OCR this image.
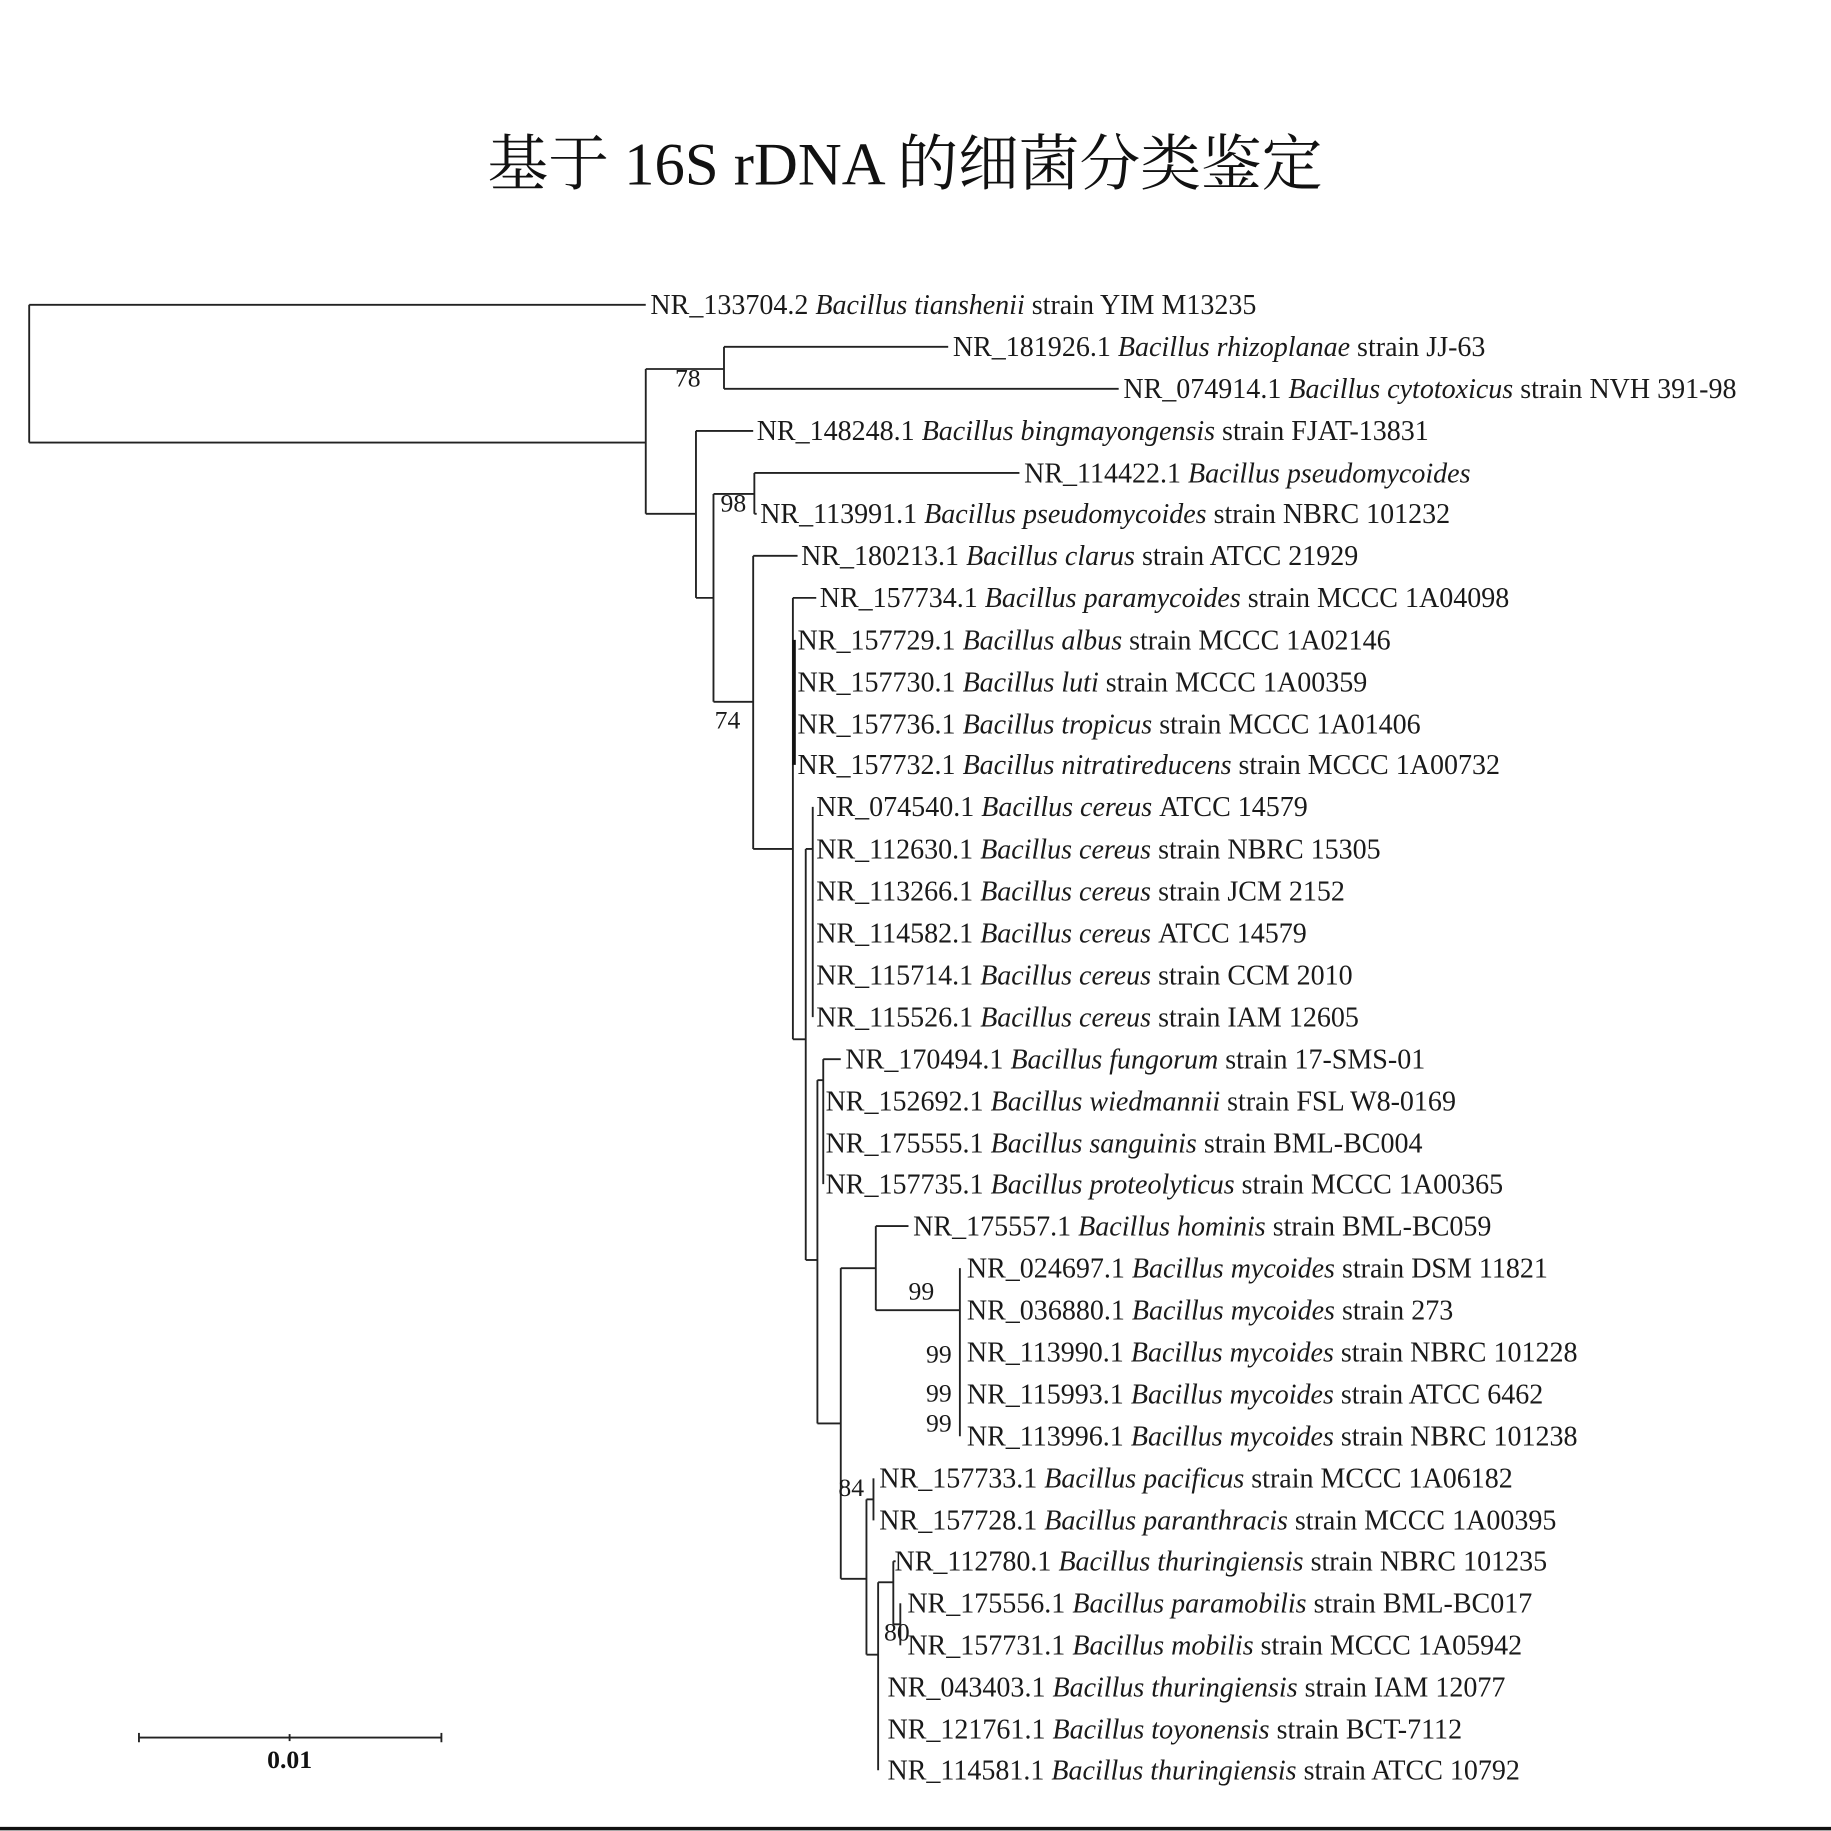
基于 16S rDNA 的细菌分类鉴定
NR_133704.2 Bacillus tianshenii strain YIM M13235
NR_181926.1 Bacillus rhizoplanae strain JJ-63
NR_074914.1 Bacillus cytotoxicus strain NVH 391-98
NR_148248.1 Bacillus bingmayongensis strain FJAT-13831
NR_114422.1 Bacillus pseudomycoides
NR_113991.1 Bacillus pseudomycoides strain NBRC 101232
NR_180213.1 Bacillus clarus strain ATCC 21929
NR_157734.1 Bacillus paramycoides strain MCCC 1A04098
NR_157729.1 Bacillus albus strain MCCC 1A02146
NR_157730.1 Bacillus luti strain MCCC 1A00359
NR_157736.1 Bacillus tropicus strain MCCC 1A01406
NR_157732.1 Bacillus nitratireducens strain MCCC 1A00732
NR_074540.1 Bacillus cereus ATCC 14579
NR_112630.1 Bacillus cereus strain NBRC 15305
NR_113266.1 Bacillus cereus strain JCM 2152
NR_114582.1 Bacillus cereus ATCC 14579
NR_115714.1 Bacillus cereus strain CCM 2010
NR_115526.1 Bacillus cereus strain IAM 12605
NR_170494.1 Bacillus fungorum strain 17-SMS-01
NR_152692.1 Bacillus wiedmannii strain FSL W8-0169
NR_175555.1 Bacillus sanguinis strain BML-BC004
NR_157735.1 Bacillus proteolyticus strain MCCC 1A00365
NR_175557.1 Bacillus hominis strain BML-BC059
NR_024697.1 Bacillus mycoides strain DSM 11821
NR_036880.1 Bacillus mycoides strain 273
NR_113990.1 Bacillus mycoides strain NBRC 101228
NR_115993.1 Bacillus mycoides strain ATCC 6462
NR_113996.1 Bacillus mycoides strain NBRC 101238
NR_157733.1 Bacillus pacificus strain MCCC 1A06182
NR_157728.1 Bacillus paranthracis strain MCCC 1A00395
NR_112780.1 Bacillus thuringiensis strain NBRC 101235
NR_175556.1 Bacillus paramobilis strain BML-BC017
NR_157731.1 Bacillus mobilis strain MCCC 1A05942
NR_043403.1 Bacillus thuringiensis strain IAM 12077
NR_121761.1 Bacillus toyonensis strain BCT-7112
NR_114581.1 Bacillus thuringiensis strain ATCC 10792
78
98
74
99
99
99
99
84
80
0.01
